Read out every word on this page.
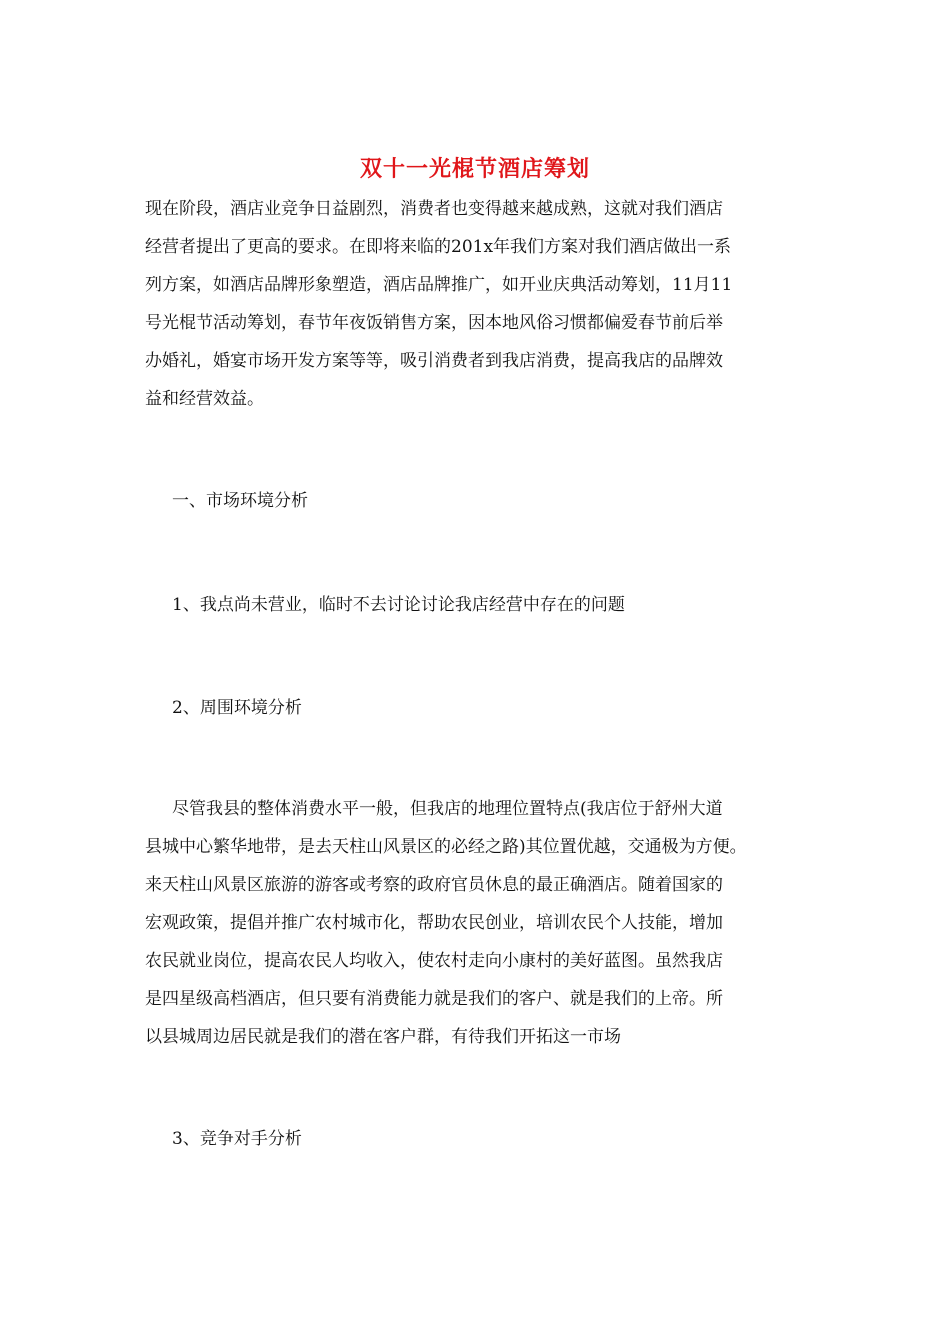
双十一光棍节酒店筹划
现在阶段，酒店业竞争日益剧烈，消费者也变得越来越成熟，这就对我们酒店
经营者提出了更高的要求。在即将来临的201x年我们方案对我们酒店做出一系
列方案，如酒店品牌形象塑造，酒店品牌推广，如开业庆典活动筹划，11月11
号光棍节活动筹划，春节年夜饭销售方案，因本地风俗习惯都偏爱春节前后举
办婚礼，婚宴市场开发方案等等，吸引消费者到我店消费，提高我店的品牌效
益和经营效益。
一、市场环境分析
1、我点尚未营业，临时不去讨论讨论我店经营中存在的问题
2、周围环境分析
尽管我县的整体消费水平一般，但我店的地理位置特点(我店位于舒州大道
县城中心繁华地带，是去天柱山风景区的必经之路)其位置优越，交通极为方便。
来天柱山风景区旅游的游客或考察的政府官员休息的最正确酒店。随着国家的
宏观政策，提倡并推广农村城市化，帮助农民创业，培训农民个人技能，增加
农民就业岗位，提高农民人均收入，使农村走向小康村的美好蓝图。虽然我店
是四星级高档酒店，但只要有消费能力就是我们的客户、就是我们的上帝。所
以县城周边居民就是我们的潜在客户群，有待我们开拓这一市场
3、竞争对手分析
